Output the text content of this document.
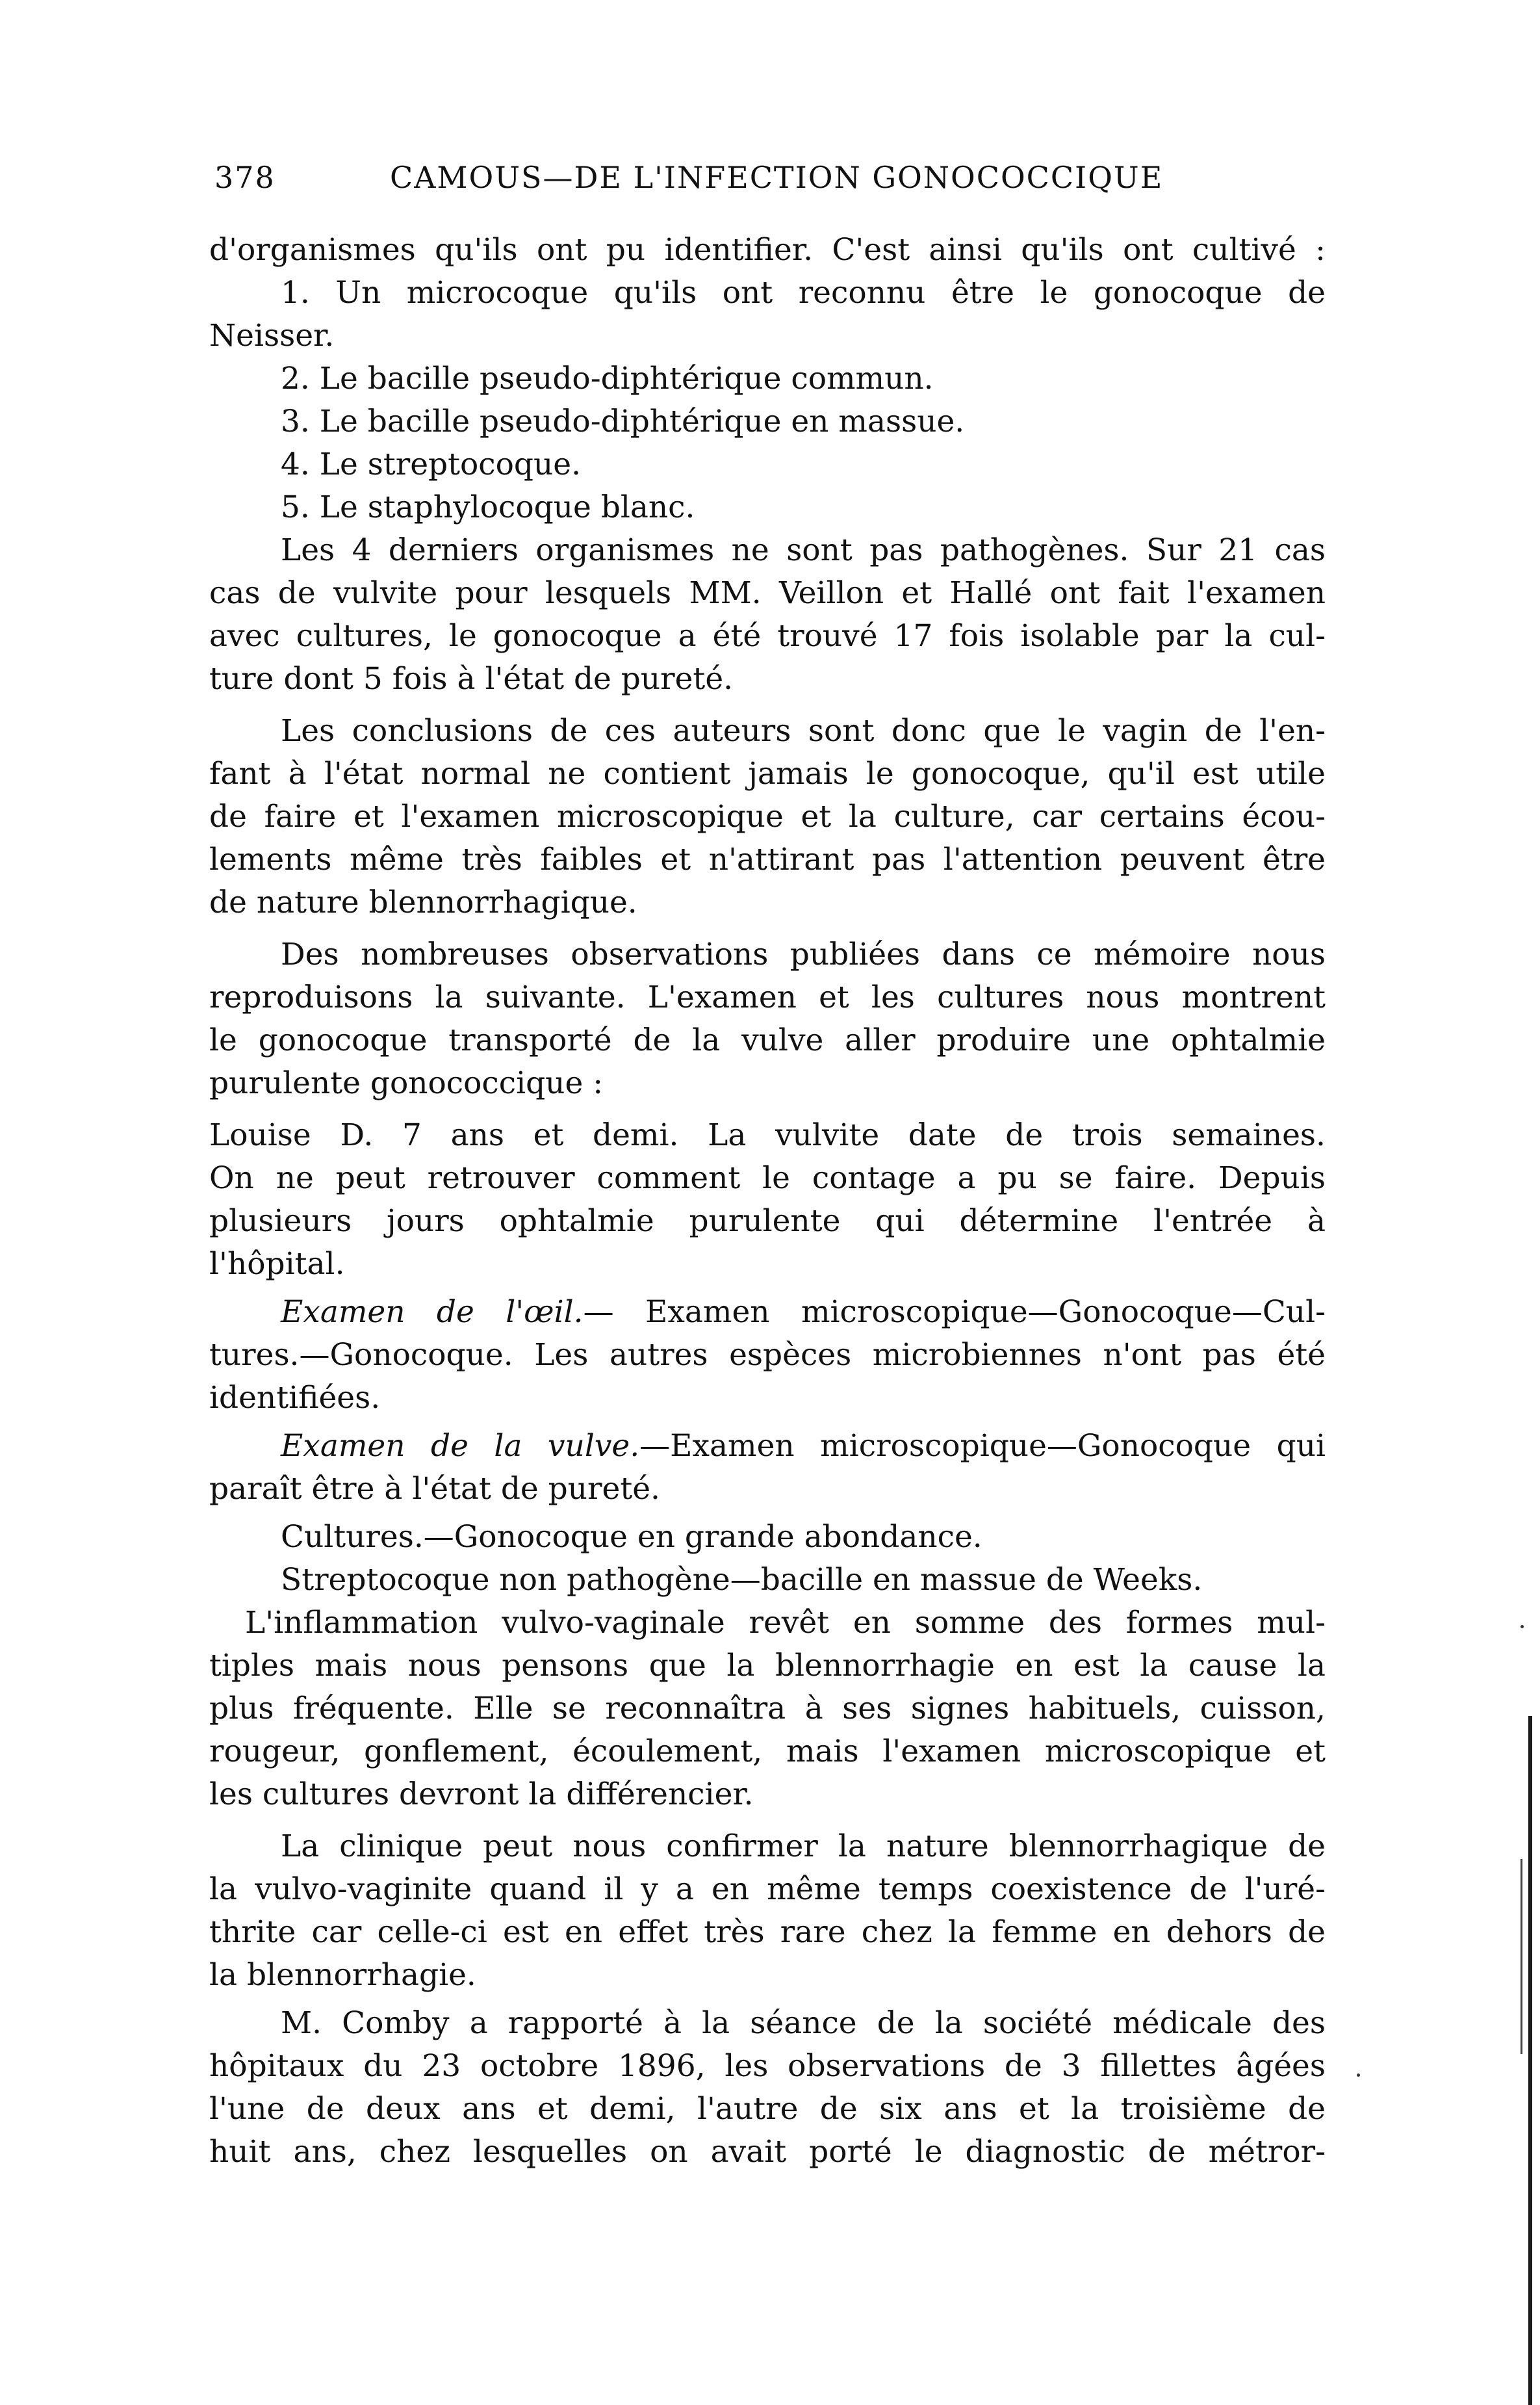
378	CAMOUS—DE L'INFECTION GONOCOCCIQUE
d'organismes qu'ils ont pu identifier. C'est ainsi qu'ils ont cultivé :
1. Un microcoque qu'ils ont reconnu être le gonocoque de
Neisser.
2. Le bacille pseudo-diphtérique commun.
3. Le bacille pseudo-diphtérique en massue.
4. Le streptocoque.
5. Le staphylocoque blanc.
Les 4 derniers organismes ne sont pas pathogènes. Sur 21 cas
cas de vulvite pour lesquels MM. Veillon et Hallé ont fait l'examen
avec cultures, le gonocoque a été trouvé 17 fois isolable par la cul-
ture dont 5 fois à l'état de pureté.
Les conclusions de ces auteurs sont donc que le vagin de l'en-
fant à l'état normal ne contient jamais le gonocoque, qu'il est utile
de faire et l'examen microscopique et la culture, car certains écou-
lements même très faibles et n'attirant pas l'attention peuvent être
de nature blennorrhagique.
Des nombreuses observations publiées dans ce mémoire nous
reproduisons la suivante. L'examen et les cultures nous montrent
le gonocoque transporté de la vulve aller produire une ophtalmie
purulente gonococcique :
Louise D. 7 ans et demi. La vulvite date de trois semaines.
On ne peut retrouver comment le contage a pu se faire. Depuis
plusieurs jours ophtalmie purulente qui détermine l'entrée à
l'hôpital.
Examen de l'œil.— Examen microscopique—Gonocoque—Cul-
tures.—Gonocoque. Les autres espèces microbiennes n'ont pas été
identifiées.
Examen de la vulve.—Examen microscopique—Gonocoque qui
paraît être à l'état de pureté.
Cultures.—Gonocoque en grande abondance.
Streptocoque non pathogène—bacille en massue de Weeks.
L'inflammation vulvo-vaginale revêt en somme des formes mul-
tiples mais nous pensons que la blennorrhagie en est la cause la
plus fréquente. Elle se reconnaîtra à ses signes habituels, cuisson,
rougeur, gonflement, écoulement, mais l'examen microscopique et
les cultures devront la différencier.
La clinique peut nous confirmer la nature blennorrhagique de
la vulvo-vaginite quand il y a en même temps coexistence de l'uré-
thrite car celle-ci est en effet très rare chez la femme en dehors de
la blennorrhagie.
M. Comby a rapporté à la séance de la société médicale des
hôpitaux du 23 octobre 1896, les observations de 3 fillettes âgées
l'une de deux ans et demi, l'autre de six ans et la troisième de
huit ans, chez lesquelles on avait porté le diagnostic de métror-
